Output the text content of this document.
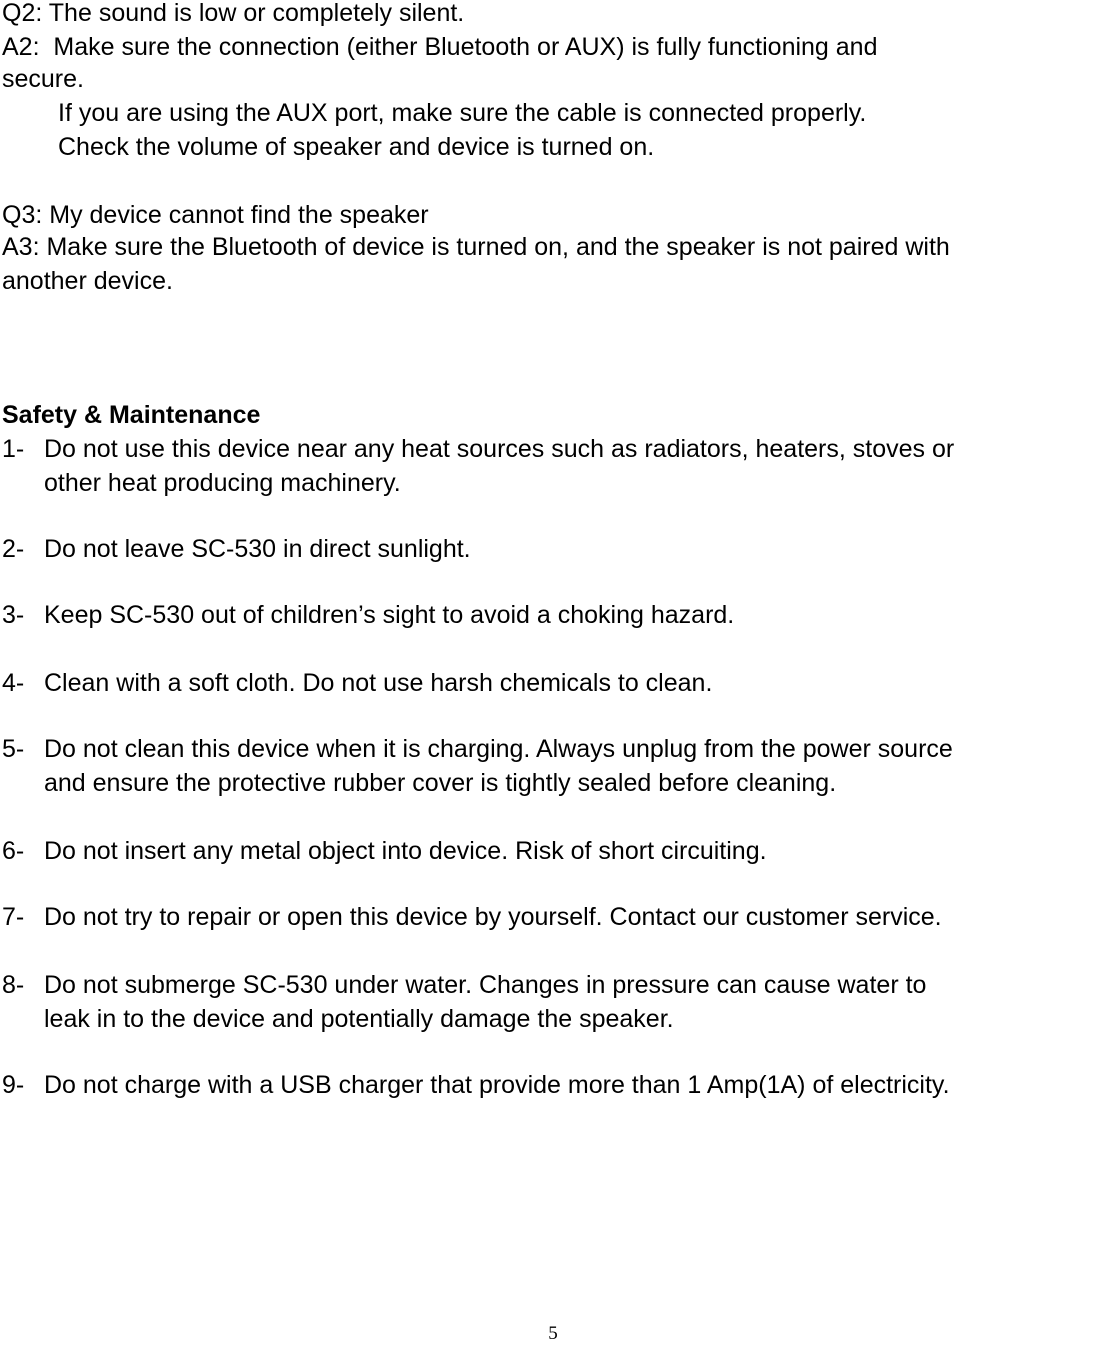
Q2: The sound is low or completely silent.
A2:  Make sure the connection (either Bluetooth or AUX) is fully functioning and
secure.
If you are using the AUX port, make sure the cable is connected properly.
Check the volume of speaker and device is turned on.
Q3: My device cannot find the speaker
A3: Make sure the Bluetooth of device is turned on, and the speaker is not paired with
another device.
Safety & Maintenance
1- Do not use this device near any heat sources such as radiators, heaters, stoves or
other heat producing machinery.
2- Do not leave SC-530 in direct sunlight.
3- Keep SC-530 out of children’s sight to avoid a choking hazard.
4- Clean with a soft cloth. Do not use harsh chemicals to clean.
5- Do not clean this device when it is charging. Always unplug from the power source
and ensure the protective rubber cover is tightly sealed before cleaning.
6- Do not insert any metal object into device. Risk of short circuiting.
7- Do not try to repair or open this device by yourself. Contact our customer service.
8- Do not submerge SC-530 under water. Changes in pressure can cause water to
leak in to the device and potentially damage the speaker.
9- Do not charge with a USB charger that provide more than 1 Amp(1A) of electricity.
5
